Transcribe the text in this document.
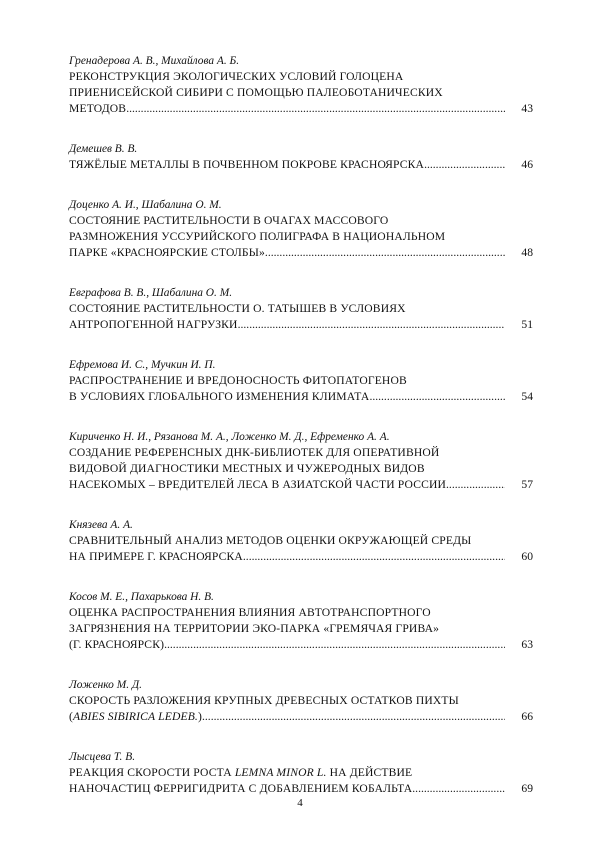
Гренадерова А. В., Михайлова А. Б.
РЕКОНСТРУКЦИЯ ЭКОЛОГИЧЕСКИХ УСЛОВИЙ ГОЛОЦЕНА
ПРИЕНИСЕЙСКОЙ СИБИРИ С ПОМОЩЬЮ ПАЛЕОБОТАНИЧЕСКИХ
МЕТОДОВ .....	43
Демешев В. В.
ТЯЖЁЛЫЕ МЕТАЛЛЫ В ПОЧВЕННОМ ПОКРОВЕ КРАСНОЯРСКА .....	46
Доценко А. И., Шабалина О. М.
СОСТОЯНИЕ РАСТИТЕЛЬНОСТИ В ОЧАГАХ МАССОВОГО
РАЗМНОЖЕНИЯ УССУРИЙСКОГО ПОЛИГРАФА В НАЦИОНАЛЬНОМ
ПАРКЕ «КРАСНОЯРСКИЕ СТОЛБЫ» .....	48
Евграфова В. В., Шабалина О. М.
СОСТОЯНИЕ РАСТИТЕЛЬНОСТИ О. ТАТЫШЕВ В УСЛОВИЯХ
АНТРОПОГЕННОЙ НАГРУЗКИ .....	51
Ефремова И. С., Мучкин И. П.
РАСПРОСТРАНЕНИЕ И ВРЕДОНОСНОСТЬ ФИТОПАТОГЕНОВ
В УСЛОВИЯХ ГЛОБАЛЬНОГО ИЗМЕНЕНИЯ КЛИМАТА .....	54
Кириченко Н. И., Рязанова М. А., Ложенко М. Д., Ефременко А. А.
СОЗДАНИЕ РЕФЕРЕНСНЫХ ДНК-БИБЛИОТЕК ДЛЯ ОПЕРАТИВНОЙ
ВИДОВОЙ ДИАГНОСТИКИ МЕСТНЫХ И ЧУЖЕРОДНЫХ ВИДОВ
НАСЕКОМЫХ – ВРЕДИТЕЛЕЙ ЛЕСА В АЗИАТСКОЙ ЧАСТИ РОССИИ .....	57
Князева А. А.
СРАВНИТЕЛЬНЫЙ АНАЛИЗ МЕТОДОВ ОЦЕНКИ ОКРУЖАЮЩЕЙ СРЕДЫ
НА ПРИМЕРЕ Г. КРАСНОЯРСКА .....	60
Косов М. Е., Пахарькова Н. В.
ОЦЕНКА РАСПРОСТРАНЕНИЯ ВЛИЯНИЯ АВТОТРАНСПОРТНОГО
ЗАГРЯЗНЕНИЯ НА ТЕРРИТОРИИ ЭКО-ПАРКА «ГРЕМЯЧАЯ ГРИВА»
(Г. КРАСНОЯРСК) .....	63
Ложенко М. Д.
СКОРОСТЬ РАЗЛОЖЕНИЯ КРУПНЫХ ДРЕВЕСНЫХ ОСТАТКОВ ПИХТЫ
(ABIES SIBIRICA LEDEB.) .....	66
Лысцева Т. В.
РЕАКЦИЯ СКОРОСТИ РОСТА LEMNA MINOR L. НА ДЕЙСТВИЕ
НАНОЧАСТИЦ ФЕРРИГИДРИТА С ДОБАВЛЕНИЕМ КОБАЛЬТА .....	69
4
